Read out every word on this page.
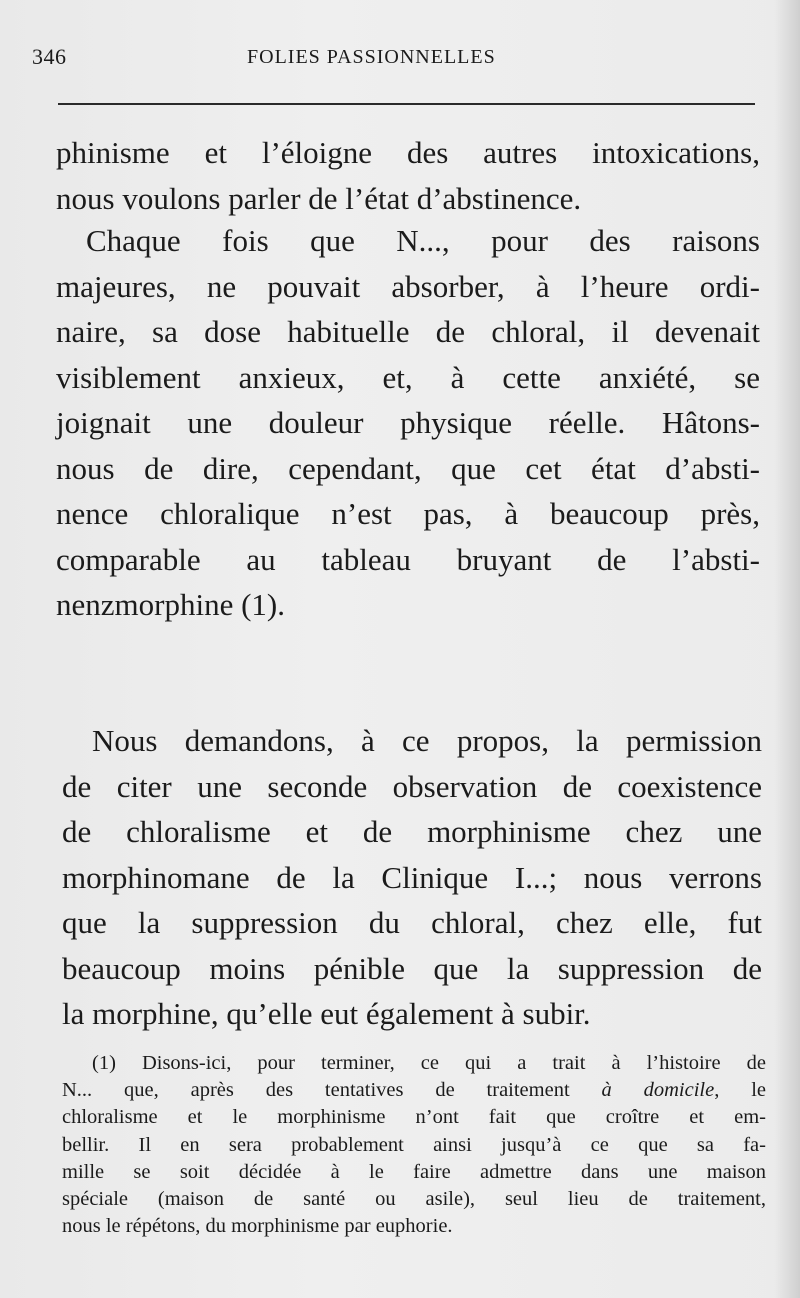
346	FOLIES PASSIONNELLES

phinisme et l’éloigne des autres intoxications,
nous voulons parler de l’état d’abstinence.

Chaque fois que N..., pour des raisons
majeures, ne pouvait absorber, à l’heure ordi-
naire, sa dose habituelle de chloral, il devenait
visiblement anxieux, et, à cette anxiété, se
joignait une douleur physique réelle. Hâtons-
nous de dire, cependant, que cet état d’absti-
nence chloralique n’est pas, à beaucoup près,
comparable au tableau bruyant de l’absti-
nenzmorphine (1).

Nous demandons, à ce propos, la permission
de citer une seconde observation de coexistence
de chloralisme et de morphinisme chez une
morphinomane de la Clinique I...; nous verrons
que la suppression du chloral, chez elle, fut
beaucoup moins pénible que la suppression de
la morphine, qu’elle eut également à subir.

(1) Disons-ici, pour terminer, ce qui a trait à l’histoire de
N... que, après des tentatives de traitement à domicile, le
chloralisme et le morphinisme n’ont fait que croître et em-
bellir. Il en sera probablement ainsi jusqu’à ce que sa fa-
mille se soit décidée à le faire admettre dans une maison
spéciale (maison de santé ou asile), seul lieu de traitement,
nous le répétons, du morphinisme par euphorie.
